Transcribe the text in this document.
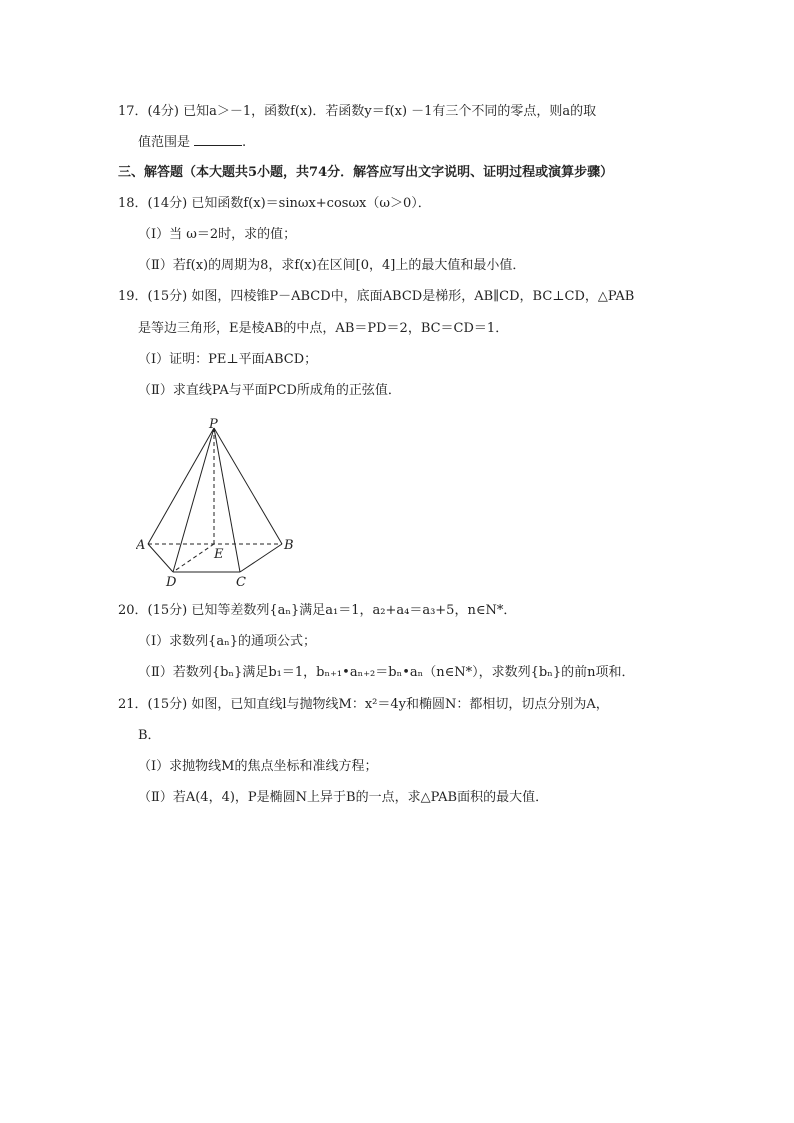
17．(4分) 已知a＞－1，函数f(x)．若函数y＝f(x) －1有三个不同的零点，则a的取
值范围是	.
三、解答题（本大题共5小题，共74分．解答应写出文字说明、证明过程或演算步骤）
18．(14分) 已知函数f(x)＝sinωx+cosωx（ω＞0）．
（Ⅰ）当 ω＝2时，求的值；
（Ⅱ）若f(x)的周期为8，求f(x)在区间[0，4]上的最大值和最小值．
19．(15分) 如图，四棱锥P－ABCD中，底面ABCD是梯形，AB∥CD，BC⊥CD，△PAB
是等边三角形，E是棱AB的中点，AB＝PD＝2，BC＝CD＝1．
（Ⅰ）证明：PE⊥平面ABCD；
（Ⅱ）求直线PA与平面PCD所成角的正弦值．
P
A	B
E
D	C
20．(15分) 已知等差数列{aₙ}满足a₁＝1，a₂+a₄＝a₃+5，n∈N*．
（Ⅰ）求数列{aₙ}的通项公式；
（Ⅱ）若数列{bₙ}满足b₁＝1，bₙ₊₁•aₙ₊₂＝bₙ•aₙ（n∈N*），求数列{bₙ}的前n项和．
21．(15分) 如图，已知直线l与抛物线M：x²＝4y和椭圆N：都相切，切点分别为A，
B．
（Ⅰ）求抛物线M的焦点坐标和准线方程；
（Ⅱ）若A(4，4)，P是椭圆N上异于B的一点，求△PAB面积的最大值．
